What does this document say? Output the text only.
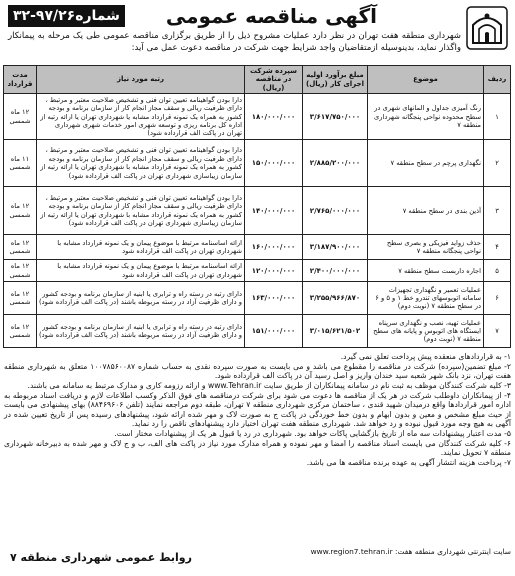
آگهی مناقصه عمومی
شماره۹۷/۲۶-۳۲
شهرداری منطقه هفت تهران در نظر دارد عملیات مشروح ذیل را از طریق برگزاری مناقصه عمومی طی یک مرحله به پیمانکار واگذار نماید، بدینوسیله ازمتقاضیان واجد شرایط جهت شرکت در مناقصه دعوت عمل می آید:
ردیف	موضوع	مبلغ برآورد اولیه اجرای کار (ریال)	سپرده شرکت در مناقصه (ریال)	رتبه مورد نیاز	مدت قرارداد
۱	رنگ آمیزی جداول و المانهای شهری در سطح محدوده نواحی پنجگانه شهرداری منطقه ۷	۳/۶۱۷/۷۵۰/۰۰۰	۱۸۰/۰۰۰/۰۰۰	دارا بودن گواهینامه تعیین توان فنی و تشخیص صلاحیت معتبر و مرتبط ، دارای ظرفیت ریالی و سقف مجاز انجام کار از سازمان برنامه و بودجه کشور به همراه یک نمونه قرارداد مشابه یا شهرداری تهران یا ارائه رتبه از اداره کل برنامه ریزی و توسعه شهری امور خدمات شهری شهرداری تهران در پاکت الف قرارداده شود)	۱۲ ماه شمسی
۲	نگهداری پرچم در سطح منطقه ۷	۲/۸۸۵/۲۰۰/۰۰۰	۱۵۰/۰۰۰/۰۰۰	دارا بودن گواهینامه تعیین توان فنی و تشخیص صلاحیت معتبر و مرتبط ، دارای ظرفیت ریالی و سقف مجاز انجام کار از سازمان برنامه و بودجه کشور به همراه یک نمونه قرارداد مشابه با شهرداری تهران یا ارائه رتبه از سازمان زیباسازی شهرداری تهران در پاکت الف قرارداده شود)	۱۱ ماه شمسی
۳	آذین بندی در سطح منطقه ۷	۲/۷۶۵/۰۰۰/۰۰۰	۱۴۰/۰۰۰/۰۰۰	دارا بودن گواهینامه تعیین توان فنی و تشخیص صلاحیت معتبر و مرتبط ، دارای ظرفیت ریالی و سقف مجاز انجام کار از سازمان برنامه و بودجه کشور به همراه یک نمونه قرارداد مشابه با شهرداری تهران یا ارائه رتبه از سازمان زیباسازی شهرداری تهران در پاکت الف قرارداده شود)	۱۲ ماه شمسی
۴	حذف زواید فیزیکی و بصری سطح نواحی پنجگانه منطقه ۷	۳/۱۸۷/۹۰۰/۰۰۰	۱۶۰/۰۰۰/۰۰۰	ارائه اساسنامه مرتبط با موضوع پیمان و یک نمونه قرارداد مشابه با شهرداری تهران در پاکت الف قرارداده شود	۱۲ ماه شمسی
۵	اجاره داربست سطح منطقه ۷	۲/۴۰۰/۰۰۰/۰۰۰	۱۲۰/۰۰۰/۰۰۰	ارائه اساسنامه مرتبط با موضوع پیمان و یک نمونه قرارداد مشابه با شهرداری تهران در پاکت الف قرارداده شود	۱۲ ماه شمسی
۶	عملیات تعمیر و نگهداری تجهیزات سامانه اتوبوسهای تندرو خط ۱ و ۵ و ۶ در سطح منطقه ۷ (نوبت دوم)	۳/۲۵۵/۹۶۶/۸۷۰	۱۶۳/۰۰۰/۰۰۰	دارای رتبه در رسته راه و ترابری یا ابنیه از سازمان برنامه و بودجه کشور و دارای ظرفیت آزاد در رسته مربوطه باشند (در پاکت الف قرارداده شود)	۱۲ ماه شمسی
۷	عملیات تهیه، نصب و نگهداری سرپناه ایستگاه های اتوبوس و پایانه های سطح منطقه ۷ (نوبت دوم)	۳/۰۱۵/۶۲۱/۵۰۲	۱۵۱/۰۰۰/۰۰۰	دارای رتبه در رسته راه و ترابری یا ابنیه از سازمان برنامه و بودجه کشور و دارای ظرفیت آزاد در رسته مربوطه باشند (در پاکت الف قرارداده شود)	۱۲ ماه شمسی

۱- به قراردادهای منعقده پیش پرداخت تعلق نمی گیرد.

۲- مبلغ تضمین(سپرده) شرکت در مناقصه را مقطوع می باشد و می بایست به صورت سپرده نقدی به حساب شماره ۱۰۰۷۸۵۶۰۰۸۷ متعلق به شهرداری منطقه هفت تهران، نزد بانک شهر شعبه سید خندان واریز و اصل رسید آن در پاکت الف قرارداده شود.

۳- کلیه شرکت کنندگان موظف به ثبت نام در سامانه پیمانکاران از طریق سایت www.Tehran.ir و ارائه رزومه کاری و مدارک مرتبط به سامانه می باشند.

۴- از پیمانکاران داوطلب شرکت در هر یک از مناقصه ها دعوت می شود برای شرکت درمناقصه های فوق الذکر وکسب اطلاعات لازم و دریافت اسناد مربوطه به اداره امور قراردادها واقع درمیدان شهید قندی ، ساختمان مرکزی شهرداری منطقه ۷ تهران، طبقه دوم مراجعه نمایند (تلفن ۸۸۴۶۹۶۰۶) بهای پیشنهادی می بایست از حیث مبلغ مشخص و معین و بدون ابهام و بدون خط خوردگی در پاکت ج به صورت لاک و مهر شده ارائه شود، پیشنهادهای رسیده پس از تاریخ تعیین شده در آگهی به هیچ وجه مورد قبول نبوده و رد خواهد شد. شهرداری منطقه هفت تهران اختیار دارد پیشنهادهای ناقص را رد نماید.

۵- مدت اعتبار پیشنهادات سه ماه از تاریخ بازگشایی پاکات خواهد بود. شهرداری در رد یا قبول هر یک از پیشنهادات مختار است.

۶- کلیه شرکت کنندگان می بایست اسناد مناقصه را امضا و مهر نموده و همراه مدارک مورد نیاز در پاکت های الف، ب و ج لاک و مهر شده به دبیرخانه شهرداری منطقه ۷ تحویل نمایند.

۷- پرداخت هزینه انتشار آگهی به عهده برنده مناقصه ها می باشد.

سایت اینترنتی شهرداری منطقه هفت: www.region7.tehran.ir
روابط عمومی شهرداری منطقه ۷
